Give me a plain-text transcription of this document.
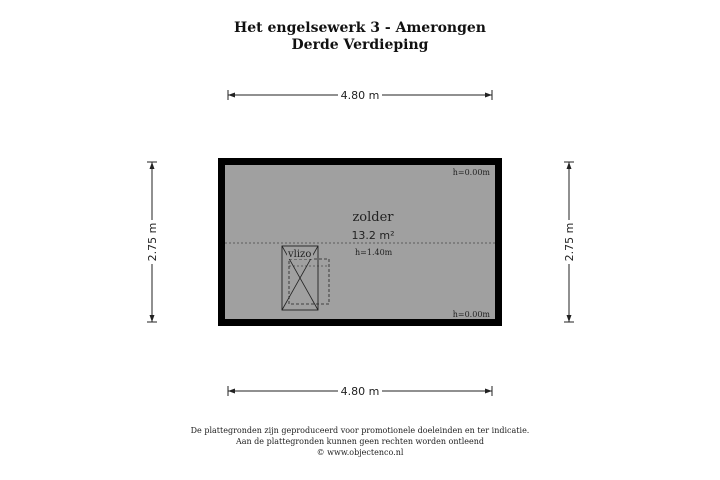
Het engelsewerk 3 - Amerongen
Derde Verdieping
4.80 m
4.80 m
2.75 m	2.75 m
h=0.00m
h=0.00m
zolder
13.2 m²
h=1.40m
vlizo
De plattegronden zijn geproduceerd voor promotionele doeleinden en ter indicatie.
Aan de plattegronden kunnen geen rechten worden ontleend
© www.objectenco.nl
